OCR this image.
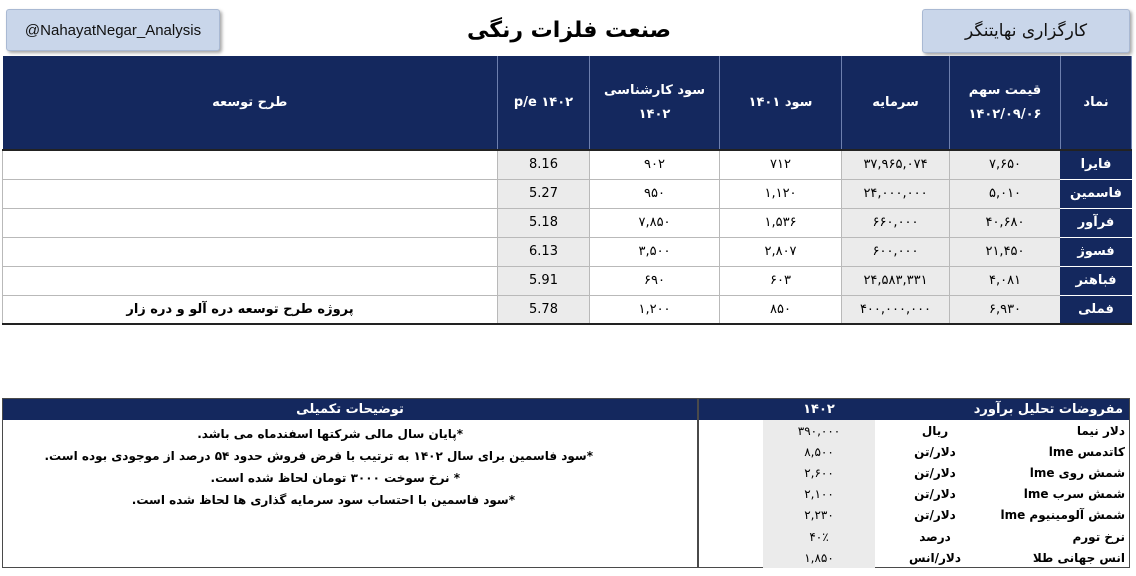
@NahayatNegar_Analysis	صنعت فلزات رنگی	کارگزاری نهایتنگر
نماد	قیمت سهم ۱۴۰۲/۰۹/۰۶	سرمایه	سود ۱۴۰۱	سود کارشناسی ۱۴۰۲	p/e ۱۴۰۲	طرح توسعه
فایرا	۷,۶۵۰	۳۷,۹۶۵,۰۷۴	۷۱۲	۹۰۲	8.16	
فاسمین	۵,۰۱۰	۲۴,۰۰۰,۰۰۰	۱,۱۲۰	۹۵۰	5.27	
فرآور	۴۰,۶۸۰	۶۶۰,۰۰۰	۱,۵۳۶	۷,۸۵۰	5.18	
فسوژ	۲۱,۴۵۰	۶۰۰,۰۰۰	۲,۸۰۷	۳,۵۰۰	6.13	
فباهنر	۴,۰۸۱	۲۴,۵۸۳,۳۳۱	۶۰۳	۶۹۰	5.91	
فملی	۶,۹۳۰	۴۰۰,۰۰۰,۰۰۰	۸۵۰	۱,۲۰۰	5.78	پروژه طرح توسعه دره آلو و دره زار
توضیحات تکمیلی
*پایان سال مالی شرکتها اسفندماه می باشد.
*سود فاسمین برای سال ۱۴۰۲ به ترتیب با فرض فروش حدود ۵۴ درصد از موجودی بوده است.
* نرخ سوخت ۳۰۰۰ تومان لحاظ شده است.
*سود فاسمین با احتساب سود سرمایه گذاری ها لحاظ شده است.
مفروضات تحلیل برآورد
۱۴۰۲
دلار نیما	ریال	۳۹۰,۰۰۰	
کاتدمس lme	دلار/تن	۸,۵۰۰	
شمش روی lme	دلار/تن	۲,۶۰۰	
شمش سرب lme	دلار/تن	۲,۱۰۰	
شمش آلومینیوم lme	دلار/تن	۲,۲۳۰	
نرخ تورم	درصد	۴۰٪	
انس جهانی طلا	دلار/انس	۱,۸۵۰	
